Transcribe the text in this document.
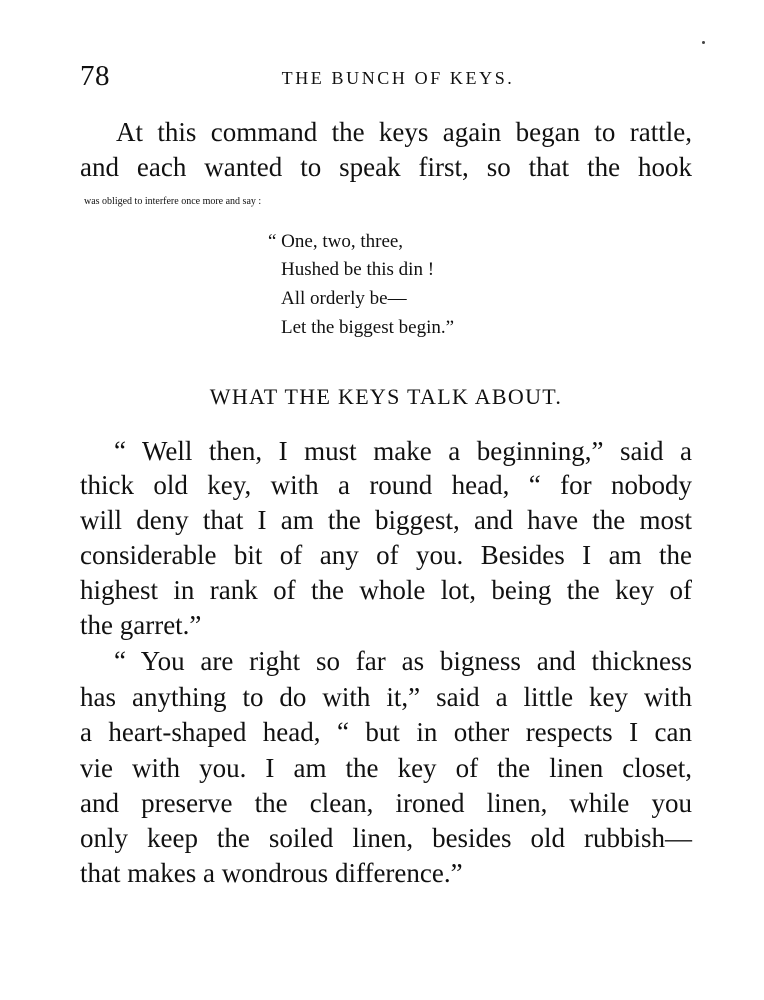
78	THE BUNCH OF KEYS.
At this command the keys again began to rattle,
and each wanted to speak first, so that the hook
was obliged to interfere once more and say :
“ One, two, three,
Hushed be this din !
All orderly be—
Let the biggest begin.”
WHAT THE KEYS TALK ABOUT.
“ Well then, I must make a beginning,” said a
thick old key, with a round head, “ for nobody
will deny that I am the biggest, and have the most
considerable bit of any of you. Besides I am the
highest in rank of the whole lot, being the key of
the garret.”
“ You are right so far as bigness and thickness
has anything to do with it,” said a little key with
a heart-shaped head, “ but in other respects I can
vie with you. I am the key of the linen closet,
and preserve the clean, ironed linen, while you
only keep the soiled linen, besides old rubbish—
that makes a wondrous difference.”
